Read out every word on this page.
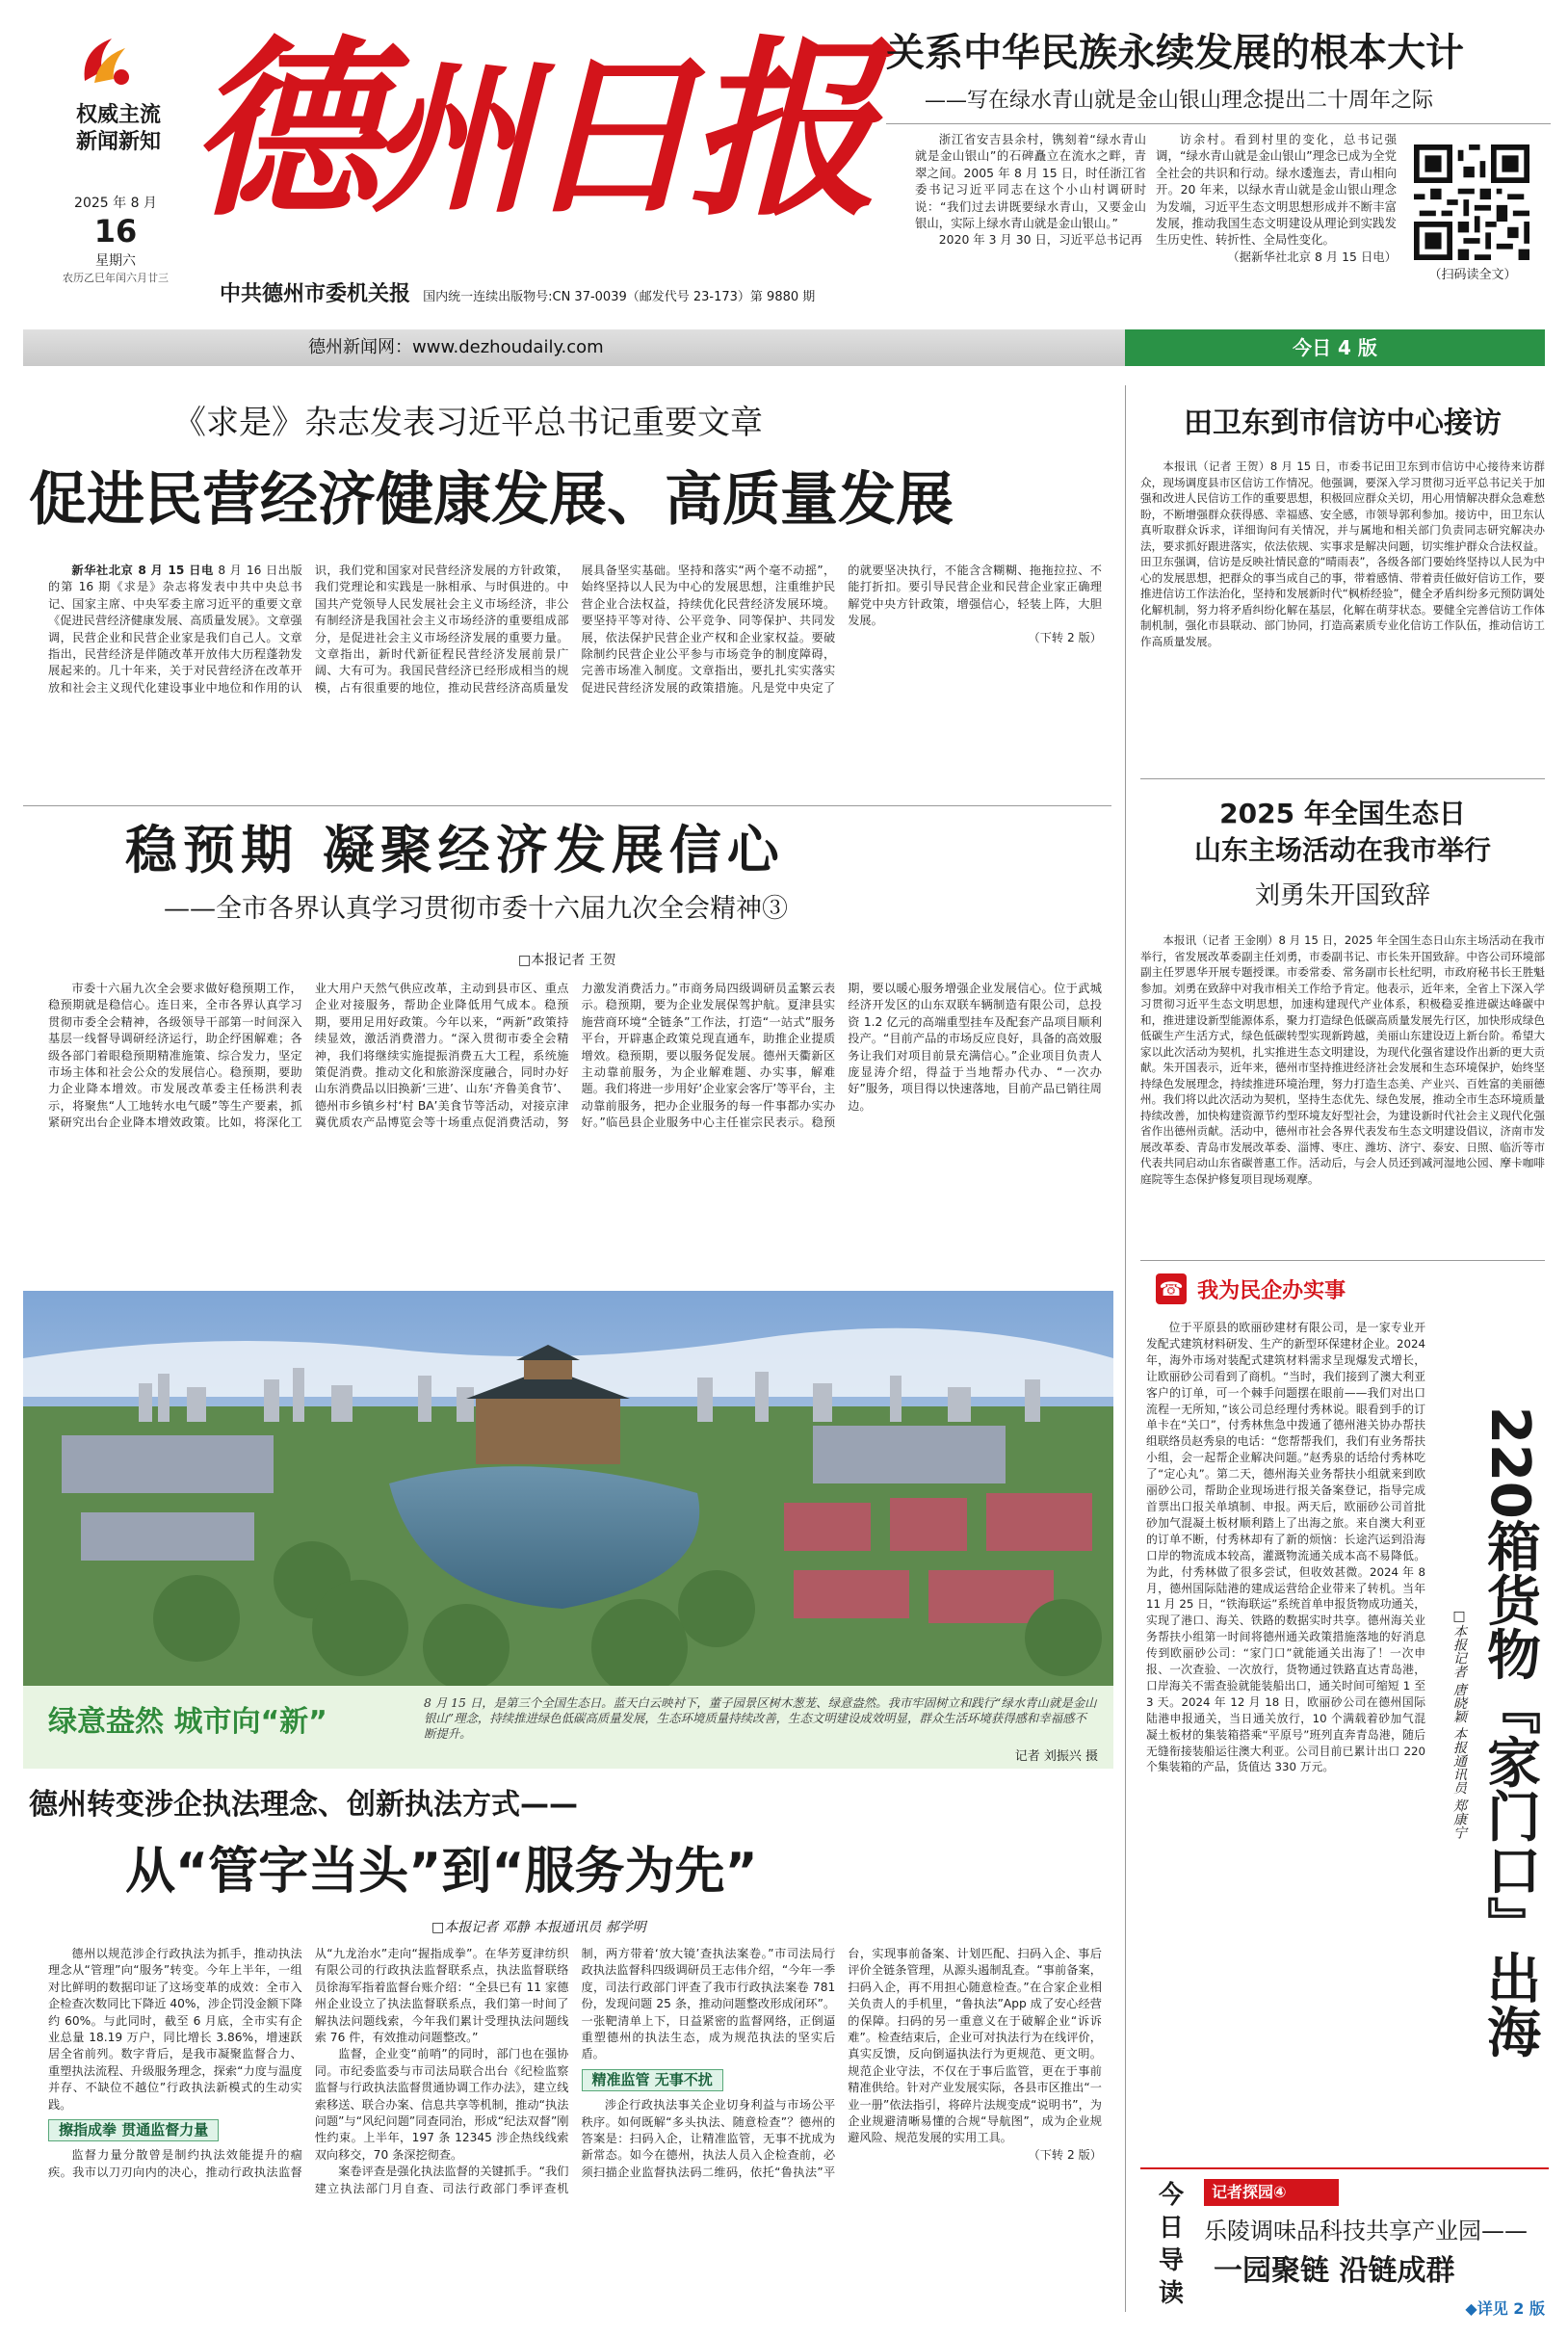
权威主流
新闻新知
2025 年 8 月
16
星期六
农历乙巳年闰六月廿三
德州日报
中共德州市委机关报 国内统一连续出版物号:CN 37-0039（邮发代号 23-173）第 9880 期
关系中华民族永续发展的根本大计
——写在绿水青山就是金山银山理念提出二十周年之际

浙江省安吉县余村，镌刻着“绿水青山就是金山银山”的石碑矗立在流水之畔，青翠之间。2005 年 8 月 15 日，时任浙江省委书记习近平同志在这个小山村调研时说：“我们过去讲既要绿水青山，又要金山银山，实际上绿水青山就是金山银山。”

2020 年 3 月 30 日，习近平总书记再

访余村。看到村里的变化，总书记强调，“绿水青山就是金山银山”理念已成为全党全社会的共识和行动。绿水逶迤去，青山相向开。20 年来，以绿水青山就是金山银山理念为发端，习近平生态文明思想形成并不断丰富发展，推动我国生态文明建设从理论到实践发生历史性、转折性、全局性变化。

（据新华社北京 8 月 15 日电）

（扫码读全文）
德州新闻网：www.dezhoudaily.com	今日 4 版
《求是》杂志发表习近平总书记重要文章
促进民营经济健康发展、高质量发展

新华社北京 8 月 15 日电 8 月 16 日出版的第 16 期《求是》杂志将发表中共中央总书记、国家主席、中央军委主席习近平的重要文章《促进民营经济健康发展、高质量发展》。文章强调，民营企业和民营企业家是我们自己人。文章指出，民营经济是伴随改革开放伟大历程蓬勃发展起来的。几十年来，关于对民营经济在改革开放和社会主义现代化建设事业中地位和作用的认识，我们党和国家对民营经济发展的方针政策，我们党理论和实践是一脉相承、与时俱进的。中国共产党领导人民发展社会主义市场经济，非公有制经济是我国社会主义市场经济的重要组成部分，是促进社会主义市场经济发展的重要力量。文章指出，新时代新征程民营经济发展前景广阔、大有可为。我国民营经济已经形成相当的规模，占有很重要的地位，推动民营经济高质量发展具备坚实基础。坚持和落实“两个毫不动摇”，始终坚持以人民为中心的发展思想，注重维护民营企业合法权益，持续优化民营经济发展环境。要坚持平等对待、公平竞争、同等保护、共同发展，依法保护民营企业产权和企业家权益。要破除制约民营企业公平参与市场竞争的制度障碍，完善市场准入制度。文章指出，要扎扎实实落实促进民营经济发展的政策措施。凡是党中央定了的就要坚决执行，不能含含糊糊、拖拖拉拉、不能打折扣。要引导民营企业和民营企业家正确理解党中央方针政策，增强信心，轻装上阵，大胆发展。

（下转 2 版）

稳预期 凝聚经济发展信心
——全市各界认真学习贯彻市委十六届九次全会精神③
□本报记者 王贺

市委十六届九次全会要求做好稳预期工作，稳预期就是稳信心。连日来，全市各界认真学习贯彻市委全会精神，各级领导干部第一时间深入基层一线督导调研经济运行，助企纾困解难；各级各部门着眼稳预期精准施策、综合发力，坚定市场主体和社会公众的发展信心。稳预期，要助力企业降本增效。市发展改革委主任杨洪利表示，将聚焦“人工地转水电气暖”等生产要素，抓紧研究出台企业降本增效政策。比如，将深化工业大用户天然气供应改革，主动到县市区、重点企业对接服务，帮助企业降低用气成本。稳预期，要用足用好政策。今年以来，“两新”政策持续显效，激活消费潜力。“深入贯彻市委全会精神，我们将继续实施提振消费五大工程，系统施策促消费。推动文化和旅游深度融合，同时办好山东消费品以旧换新‘三进’、山东‘齐鲁美食节’、德州市乡镇乡村‘村 BA’美食节等活动，对接京津冀优质农产品博览会等十场重点促消费活动，努力激发消费活力。”市商务局四级调研员孟繁云表示。稳预期，要为企业发展保驾护航。夏津县实施营商环境“全链条”工作法，打造“一站式”服务平台，开辟惠企政策兑现直通车，助推企业提质增效。稳预期，要以服务促发展。德州天衢新区主动靠前服务，为企业解难题、办实事，解难题。我们将进一步用好‘企业家会客厅’等平台，主动靠前服务，把办企业服务的每一件事都办实办好。”临邑县企业服务中心主任崔宗民表示。稳预期，要以暖心服务增强企业发展信心。位于武城经济开发区的山东双联车辆制造有限公司，总投资 1.2 亿元的高端重型挂车及配套产品项目顺利投产。“目前产品的市场反应良好，具备的高效服务让我们对项目前景充满信心。”企业项目负责人庞显涛介绍，得益于当地帮办代办、“一次办好”服务，项目得以快速落地，目前产品已销往周边。

绿意盎然 城市向“新”
8 月 15 日，是第三个全国生态日。蓝天白云映衬下，董子园景区树木葱茏、绿意盎然。我市牢固树立和践行“绿水青山就是金山银山”理念，持续推进绿色低碳高质量发展，生态环境质量持续改善，生态文明建设成效明显，群众生活环境获得感和幸福感不断提升。
记者 刘振兴 摄
德州转变涉企执法理念、创新执法方式——
从“管字当头”到“服务为先”
□本报记者 邓静 本报通讯员 郝学明

德州以规范涉企行政执法为抓手，推动执法理念从“管理”向“服务”转变。今年上半年，一组对比鲜明的数据印证了这场变革的成效：全市入企检查次数同比下降近 40%，涉企罚没金额下降约 60%。与此同时，截至 6 月底，全市实有企业总量 18.19 万户，同比增长 3.86%，增速跃居全省前列。数字背后，是我市凝聚监督合力、重塑执法流程、升级服务理念，探索“力度与温度并存、不缺位不越位”行政执法新模式的生动实践。

擦指成拳 贯通监督力量

监督力量分散曾是制约执法效能提升的痼疾。我市以刀刃向内的决心，推动行政执法监督从“九龙治水”走向“握指成拳”。在华芳夏津纺织有限公司的行政执法监督联系点，执法监督联络员徐海军指着监督台账介绍：“全县已有 11 家德州企业设立了执法监督联系点，我们第一时间了解执法问题线索，今年我们累计受理执法问题线索 76 件，有效推动问题整改。”

监督，企业变“前哨”的同时，部门也在强协同。市纪委监委与市司法局联合出台《纪检监察监督与行政执法监督贯通协调工作办法》，建立线索移送、联合办案、信息共享等机制，推动“执法问题”与“风纪问题”同查同治，形成“纪法双督”刚性约束。上半年，197 条 12345 涉企热线线索双向移交，70 条深挖彻查。

案卷评查是强化执法监督的关键抓手。“我们建立执法部门月自查、司法行政部门季评查机制，两方带着‘放大镜’查执法案卷。”市司法局行政执法监督科四级调研员王志伟介绍，“今年一季度，司法行政部门评查了我市行政执法案卷 781 份，发现问题 25 条，推动问题整改形成闭环”。一张靶清单上下，日益紧密的监督网络，正倒逼重塑德州的执法生态，成为规范执法的坚实后盾。

精准监管 无事不扰

涉企行政执法事关企业切身利益与市场公平秩序。如何既解“多头执法、随意检查”？德州的答案是：扫码入企，让精准监管，无事不扰成为新常态。如今在德州，执法人员入企检查前，必须扫描企业监督执法码二维码，依托“鲁执法”平台，实现事前备案、计划匹配、扫码入企、事后评价全链条管理，从源头遏制乱查。“事前备案，扫码入企，再不用担心随意检查。”在合家企业相关负责人的手机里，“鲁执法”App 成了安心经营的保障。扫码的另一重意义在于破解企业“诉诉难”。检查结束后，企业可对执法行为在线评价，真实反馈，反向倒逼执法行为更规范、更文明。规范企业守法，不仅在于事后监管，更在于事前精准供给。针对产业发展实际，各县市区推出“一业一册”依法指引，将碎片法规变成“说明书”，为企业规避清晰易懂的合规“导航图”，成为企业规避风险、规范发展的实用工具。

（下转 2 版）

田卫东到市信访中心接访

本报讯（记者 王贺）8 月 15 日，市委书记田卫东到市信访中心接待来访群众，现场调度县市区信访工作情况。他强调，要深入学习贯彻习近平总书记关于加强和改进人民信访工作的重要思想，积极回应群众关切，用心用情解决群众急难愁盼，不断增强群众获得感、幸福感、安全感，市领导郭利参加。接访中，田卫东认真听取群众诉求，详细询问有关情况，并与属地和相关部门负责同志研究解决办法，要求抓好跟进落实，依法依规、实事求是解决问题，切实维护群众合法权益。田卫东强调，信访是反映社情民意的“晴雨表”，各级各部门要始终坚持以人民为中心的发展思想，把群众的事当成自己的事，带着感情、带着责任做好信访工作，要推进信访工作法治化，坚持和发展新时代“枫桥经验”，健全矛盾纠纷多元预防调处化解机制，努力将矛盾纠纷化解在基层，化解在萌芽状态。要健全完善信访工作体制机制，强化市县联动、部门协同，打造高素质专业化信访工作队伍，推动信访工作高质量发展。

2025 年全国生态日
山东主场活动在我市举行
刘勇朱开国致辞

本报讯（记者 王金刚）8 月 15 日，2025 年全国生态日山东主场活动在我市举行，省发展改革委副主任刘勇，市委副书记、市长朱开国致辞。中咨公司环境部副主任罗恩华开展专题授课。市委常委、常务副市长杜纪明，市政府秘书长王胜魁参加。刘勇在致辞中对我市相关工作给予肯定。他表示，近年来，全省上下深入学习贯彻习近平生态文明思想，加速构建现代产业体系，积极稳妥推进碳达峰碳中和，推进建设新型能源体系，聚力打造绿色低碳高质量发展先行区，加快形成绿色低碳生产生活方式，绿色低碳转型实现新跨越，美丽山东建设迈上新台阶。希望大家以此次活动为契机，扎实推进生态文明建设，为现代化强省建设作出新的更大贡献。朱开国表示，近年来，德州市坚持推进经济社会发展和生态环境保护，始终坚持绿色发展理念，持续推进环境治理，努力打造生态美、产业兴、百姓富的美丽德州。我们将以此次活动为契机，坚持生态优先、绿色发展，推动全市生态环境质量持续改善，加快构建资源节约型环境友好型社会，为建设新时代社会主义现代化强省作出德州贡献。活动中，德州市社会各界代表发布生态文明建设倡议，济南市发展改革委、青岛市发展改革委、淄博、枣庄、潍坊、济宁、泰安、日照、临沂等市代表共同启动山东省碳普惠工作。活动后，与会人员还到减河湿地公园、摩卡咖啡庭院等生态保护修复项目现场观摩。

☎ 我为民企办实事

位于平原县的欧丽砂建材有限公司，是一家专业开发配式建筑材料研发、生产的新型环保建材企业。2024 年，海外市场对装配式建筑材料需求呈现爆发式增长，让欧丽砂公司看到了商机。“当时，我们接到了澳大利亚客户的订单，可一个棘手问题摆在眼前——我们对出口流程一无所知，”该公司总经理付秀林说。眼看到手的订单卡在“关口”，付秀林焦急中拨通了德州港关协办帮扶组联络员赵秀泉的电话：“您帮帮我们，我们有业务帮扶小组，会一起帮企业解决问题。”赵秀泉的话给付秀林吃了“定心丸”。第二天，德州海关业务帮扶小组就来到欧丽砂公司，帮助企业现场进行报关备案登记，指导完成首票出口报关单填制、申报。两天后，欧丽砂公司首批砂加气混凝土板材顺利踏上了出海之旅。来自澳大利亚的订单不断，付秀林却有了新的烦恼：长途汽运到沿海口岸的物流成本较高，灌溉物流通关成本高不易降低。为此，付秀林做了很多尝试，但收效甚微。2024 年 8 月，德州国际陆港的建成运营给企业带来了转机。当年 11 月 25 日，“铁海联运”系统首单申报货物成功通关，实现了港口、海关、铁路的数据实时共享。德州海关业务帮扶小组第一时间将德州通关政策措施落地的好消息传到欧丽砂公司：“家门口”就能通关出海了！一次申报、一次查验、一次放行，货物通过铁路直达青岛港，口岸海关不需查验就能装船出口，通关时间可缩短 1 至 3 天。2024 年 12 月 18 日，欧丽砂公司在德州国际陆港申报通关，当日通关放行，10 个满载着砂加气混凝土板材的集装箱搭乘“平原号”班列直奔青岛港，随后无缝衔接装船运往澳大利亚。公司目前已累计出口 220 个集装箱的产品，货值达 330 万元。	220箱货物『家门口』出海
□本报记者 唐晓颖 本报通讯员 郑康宁
今
日
导
读
记者探园④
乐陵调味品科技共享产业园——
一园聚链 沿链成群
◆详见 2 版
